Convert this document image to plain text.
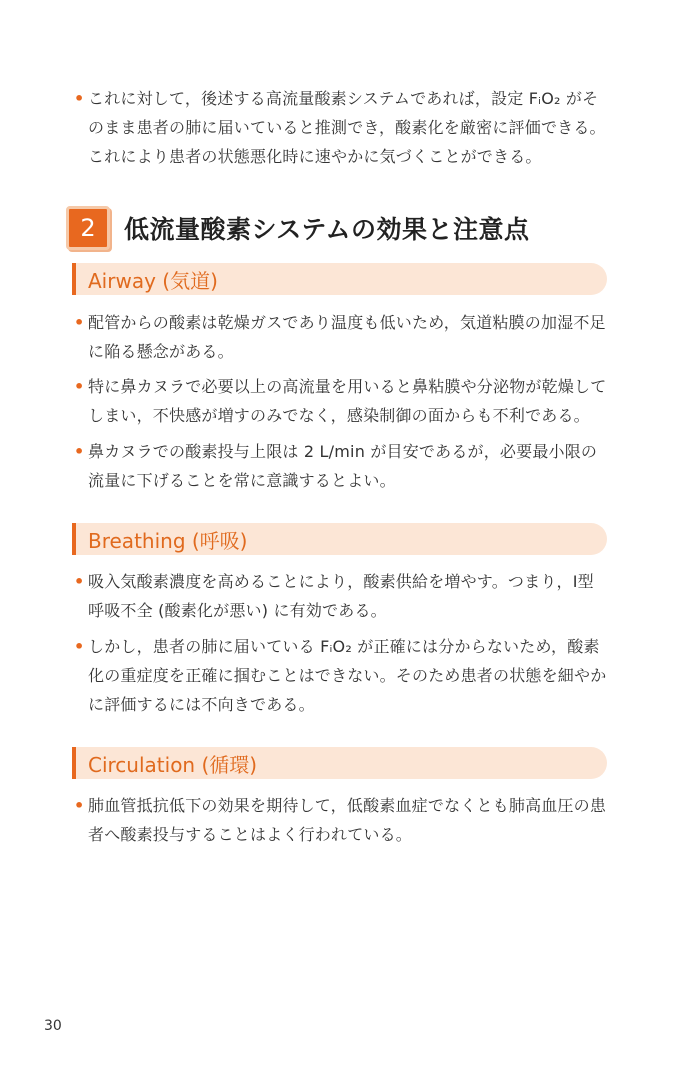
• これに対して，後述する高流量酸素システムであれば，設定 FᵢO₂ がそ
のまま患者の肺に届いていると推測でき，酸素化を厳密に評価できる。
これにより患者の状態悪化時に速やかに気づくことができる。
2	低流量酸素システムの効果と注意点
Airway (気道)
• 配管からの酸素は乾燥ガスであり温度も低いため，気道粘膜の加湿不足
に陥る懸念がある。
• 特に鼻カヌラで必要以上の高流量を用いると鼻粘膜や分泌物が乾燥して
しまい，不快感が増すのみでなく，感染制御の面からも不利である。
• 鼻カヌラでの酸素投与上限は 2 L/min が目安であるが，必要最小限の
流量に下げることを常に意識するとよい。
Breathing (呼吸)
• 吸入気酸素濃度を高めることにより，酸素供給を増やす。つまり，Ⅰ型
呼吸不全 (酸素化が悪い) に有効である。
• しかし，患者の肺に届いている FᵢO₂ が正確には分からないため，酸素
化の重症度を正確に掴むことはできない。そのため患者の状態を細やか
に評価するには不向きである。
Circulation (循環)
• 肺血管抵抗低下の効果を期待して，低酸素血症でなくとも肺高血圧の患
者へ酸素投与することはよく行われている。
30
